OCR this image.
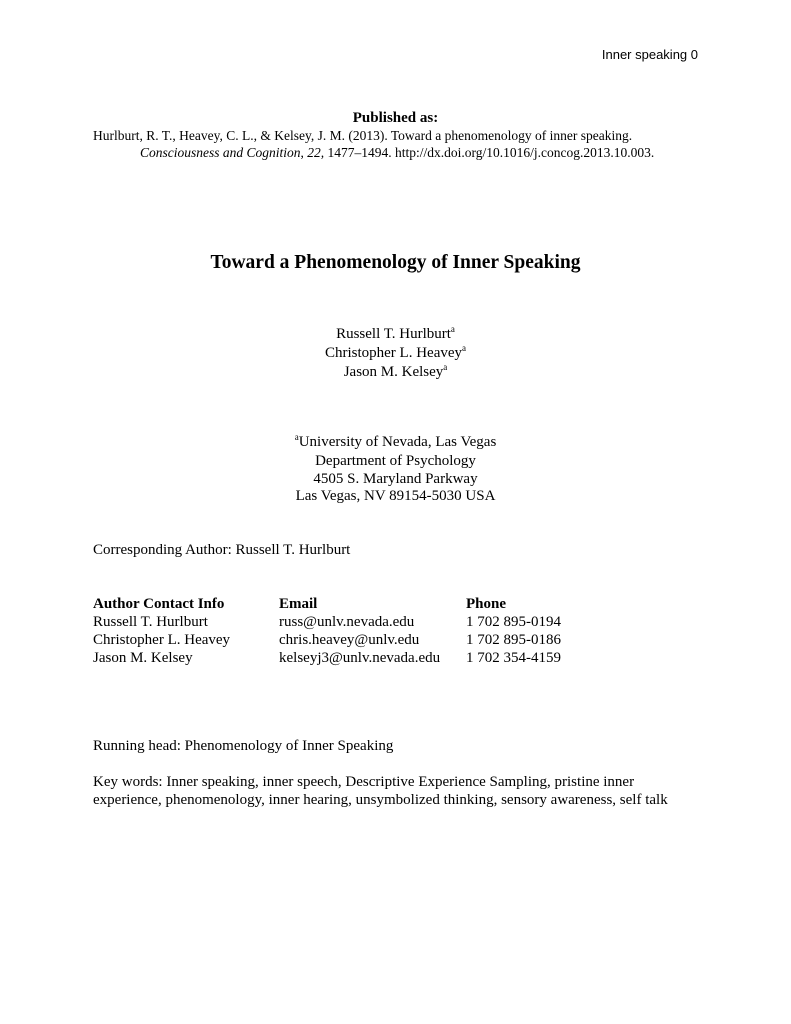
Inner speaking 0
Published as:
Hurlburt, R. T., Heavey, C. L., & Kelsey, J. M. (2013). Toward a phenomenology of inner speaking.
Consciousness and Cognition, 22, 1477–1494. http://dx.doi.org/10.1016/j.concog.2013.10.003.
Toward a Phenomenology of Inner Speaking
Russell T. Hurlburt$^a$
Christopher L. Heavey$^a$
Jason M. Kelsey$^a$
$^a$University of Nevada, Las Vegas
Department of Psychology
4505 S. Maryland Parkway
Las Vegas, NV 89154-5030 USA
Corresponding Author: Russell T. Hurlburt
Author Contact Info	Email	Phone
Russell T. Hurlburt	russ@unlv.nevada.edu	1 702 895-0194
Christopher L. Heavey	chris.heavey@unlv.edu	1 702 895-0186
Jason M. Kelsey	kelseyj3@unlv.nevada.edu 1 702 354-4159
Running head: Phenomenology of Inner Speaking
Key words: Inner speaking, inner speech, Descriptive Experience Sampling, pristine inner
experience, phenomenology, inner hearing, unsymbolized thinking, sensory awareness, self talk
